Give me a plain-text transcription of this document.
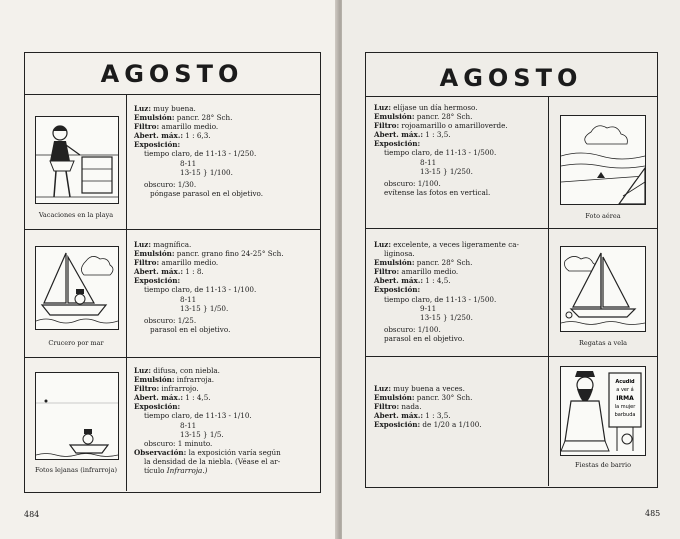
AGOSTO
Vacaciones en la playa
Luz: muy buena.
Emulsión: pancr. 28° Sch.
Filtro: amarillo medio.
Abert. máx.: 1 : 6,3.
Exposición:
tiempo claro, de 11-13 - 1/250.
8-11
13-15 } 1/100.
obscuro: 1/30.
póngase parasol en el objetivo.
Crucero por mar
Luz: magnífica.
Emulsión: pancr. grano fino 24-25° Sch.
Filtro: amarillo medio.
Abert. máx.: 1 : 8.
Exposición:
tiempo claro, de 11-13 - 1/100.
8-11
13-15 } 1/50.
obscuro: 1/25.
parasol en el objetivo.
Fotos lejanas (infrarroja)
Luz: difusa, con niebla.
Emulsión: infrarroja.
Filtro: infrarrojo.
Abert. máx.: 1 : 4,5.
Exposición:
tiempo claro, de 11-13 - 1/10.
8-11
13-15 } 1/5.
obscuro: 1 minuto.
Observación: la exposición varía según
la densidad de la niebla. (Véase el ar-
tículo Infrarroja.)
484
AGOSTO
Luz: elíjase un día hermoso.
Emulsión: pancr. 28° Sch.
Filtro: rojoamarillo o amarilloverde.
Abert. máx.: 1 : 3,5.
Exposición:
tiempo claro, de 11-13 - 1/500.
8-11
13-15 } 1/250.
obscuro: 1/100.
evítense las fotos en vertical.
Foto aérea
Luz: excelente, a veces ligeramente ca-
liginosa.
Emulsión: pancr. 28° Sch.
Filtro: amarillo medio.
Abert. máx.: 1 : 4,5.
Exposición:
tiempo claro, de 11-13 - 1/500.
9-11
13-15 } 1/250.
obscuro: 1/100.
parasol en el objetivo.
Regatas a vela
Luz: muy buena a veces.
Emulsión: pancr. 30° Sch.
Filtro: nada.
Abert. máx.: 1 : 3,5.
Exposición: de 1/20 a 1/100.
Acudid
a ver á
IRMA
la mujer
barbuda
Fiestas de barrio
485
